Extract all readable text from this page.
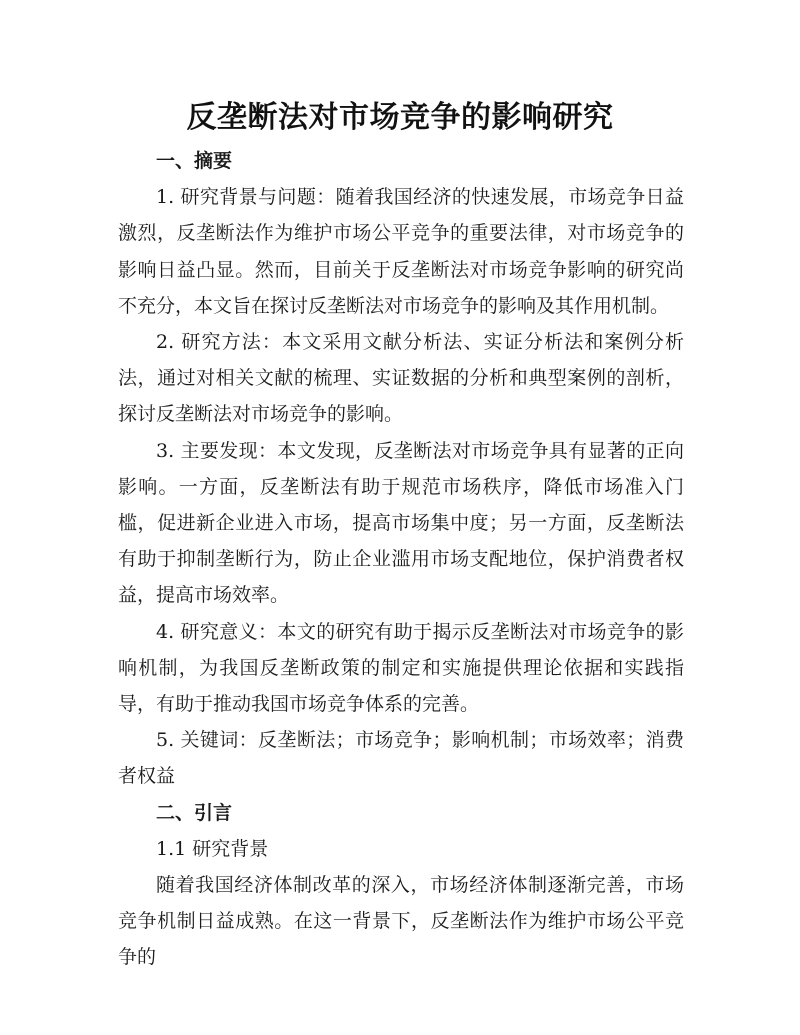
反垄断法对市场竞争的影响研究

一、摘要

1. 研究背景与问题：随着我国经济的快速发展，市场竞争日益激烈，反垄断法作为维护市场公平竞争的重要法律，对市场竞争的影响日益凸显。然而，目前关于反垄断法对市场竞争影响的研究尚不充分，本文旨在探讨反垄断法对市场竞争的影响及其作用机制。

2. 研究方法：本文采用文献分析法、实证分析法和案例分析法，通过对相关文献的梳理、实证数据的分析和典型案例的剖析，探讨反垄断法对市场竞争的影响。

3. 主要发现：本文发现，反垄断法对市场竞争具有显著的正向影响。一方面，反垄断法有助于规范市场秩序，降低市场准入门槛，促进新企业进入市场，提高市场集中度；另一方面，反垄断法有助于抑制垄断行为，防止企业滥用市场支配地位，保护消费者权益，提高市场效率。

4. 研究意义：本文的研究有助于揭示反垄断法对市场竞争的影响机制，为我国反垄断政策的制定和实施提供理论依据和实践指导，有助于推动我国市场竞争体系的完善。

5. 关键词：反垄断法；市场竞争；影响机制；市场效率；消费者权益

二、引言

1.1 研究背景

随着我国经济体制改革的深入，市场经济体制逐渐完善，市场竞争机制日益成熟。在这一背景下，反垄断法作为维护市场公平竞争的
